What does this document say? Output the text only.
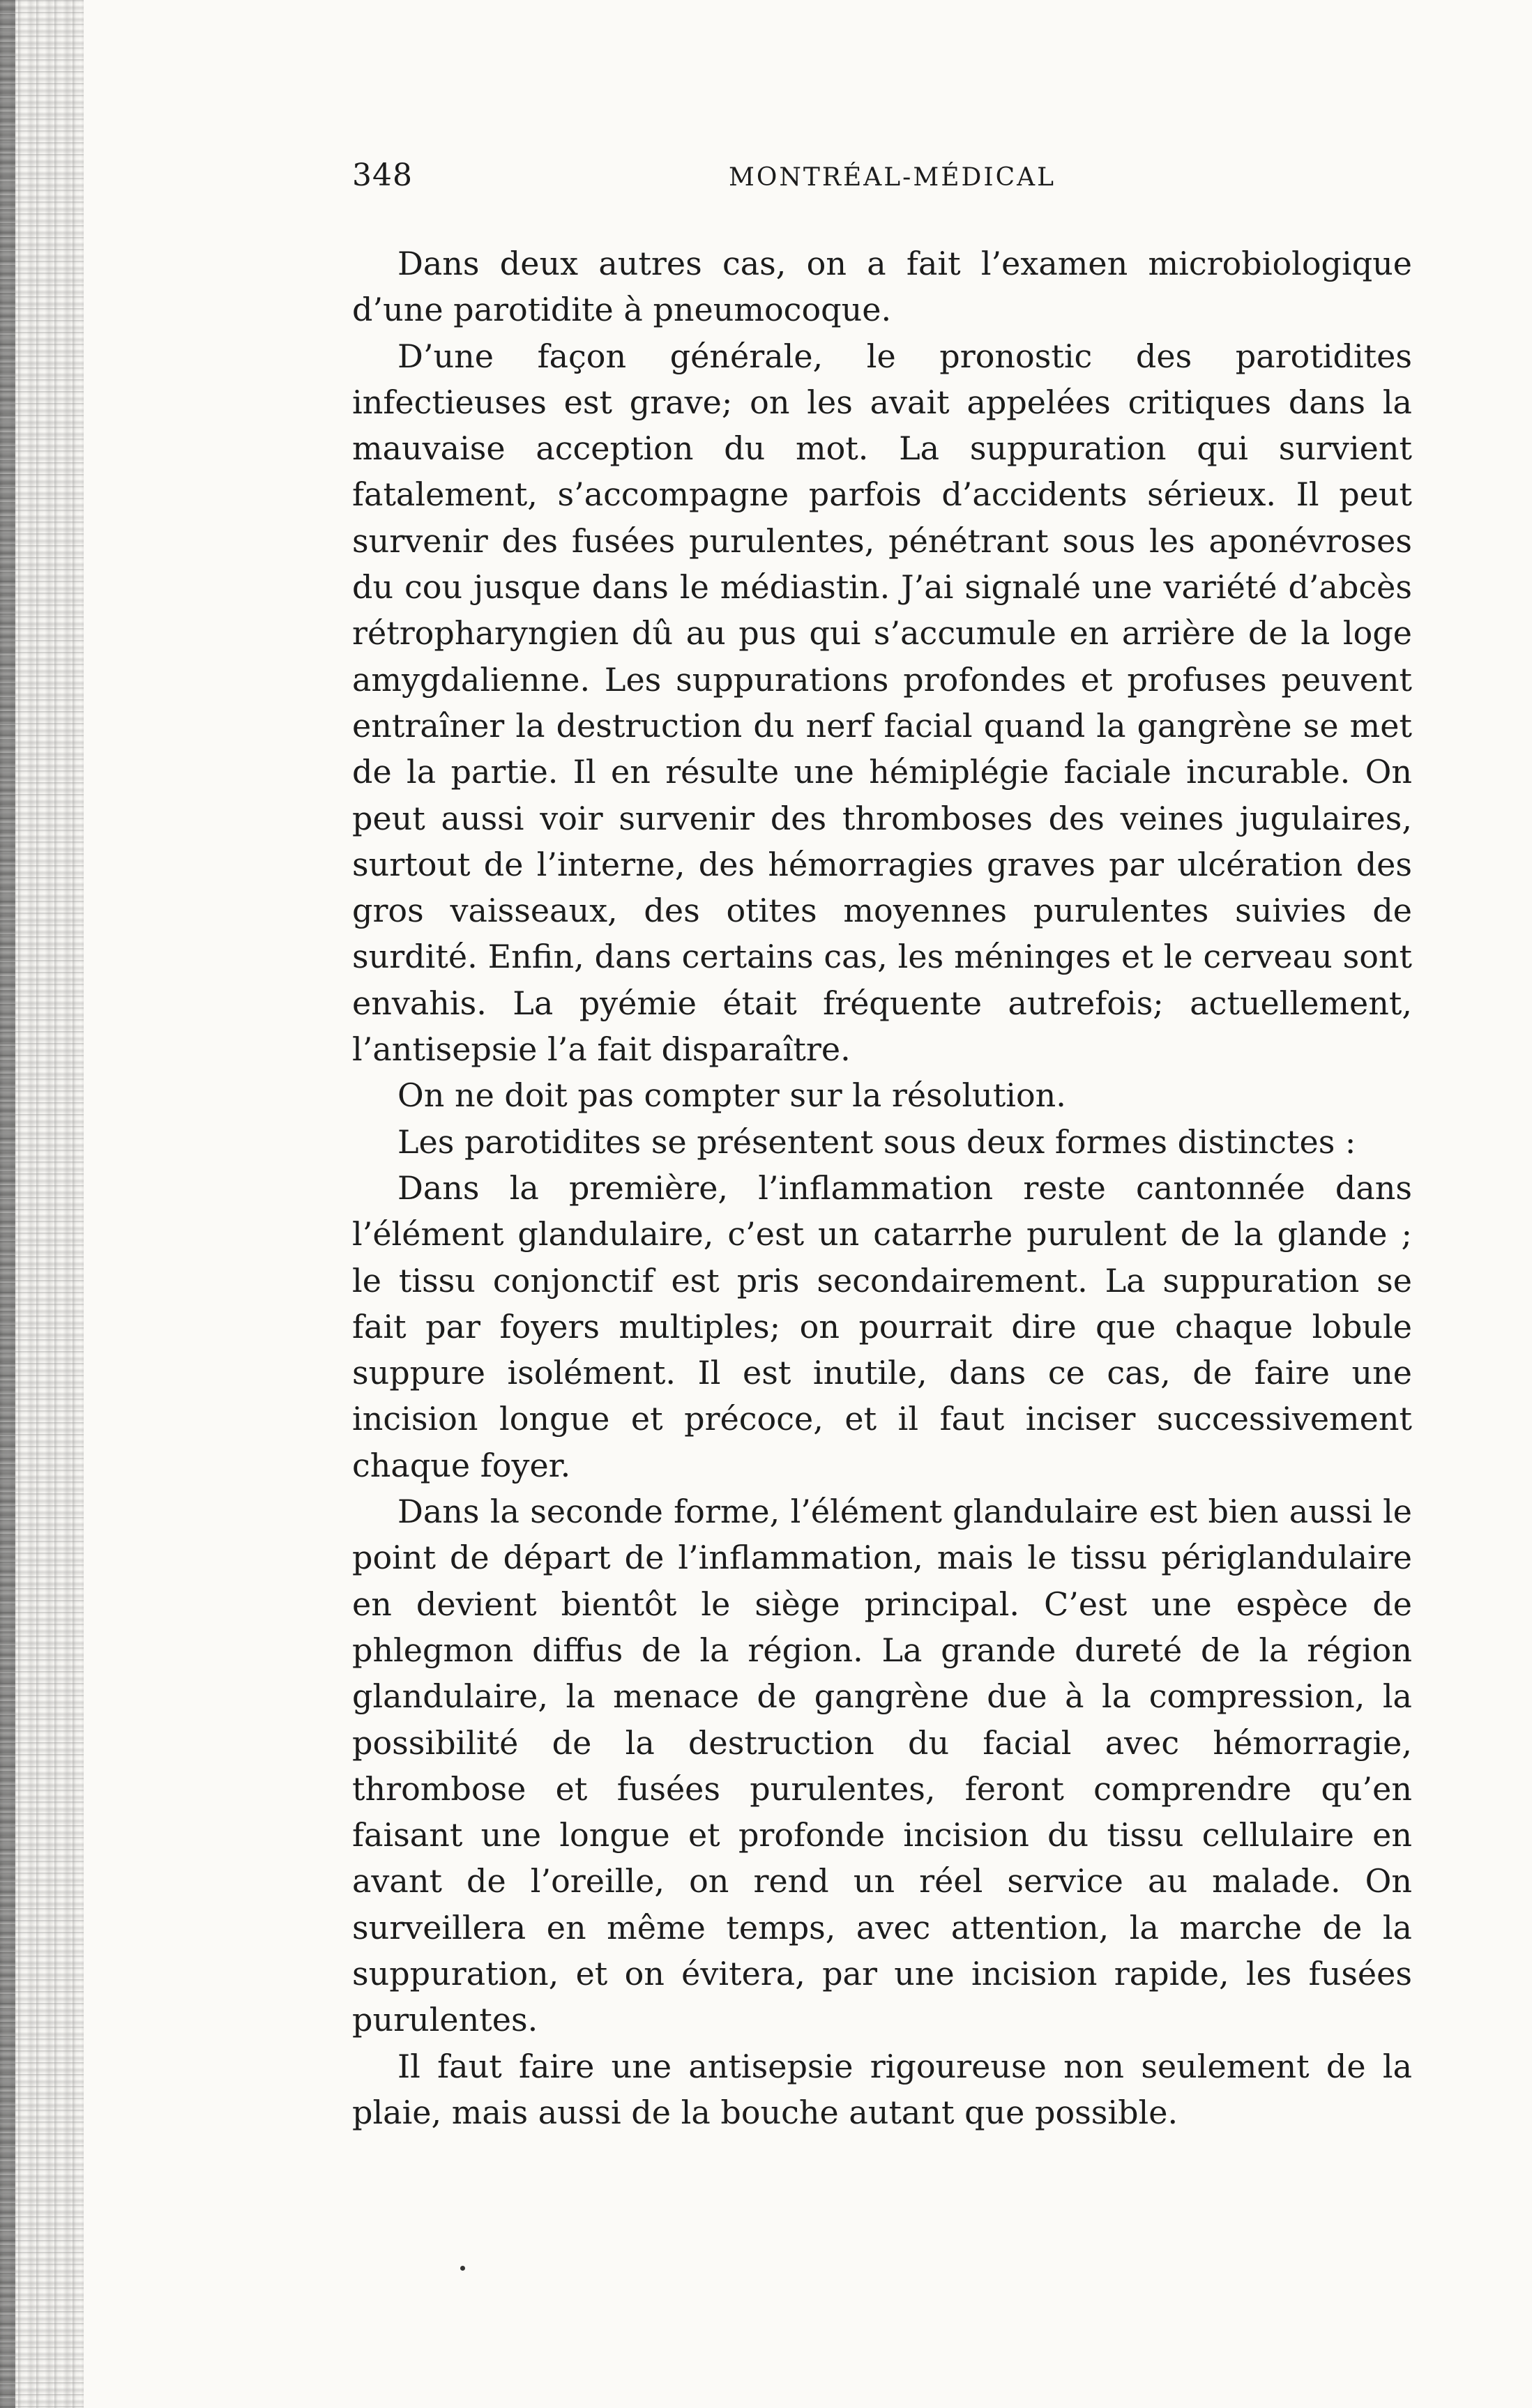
348	MONTRÉAL-MÉDICAL

Dans deux autres cas, on a fait l’examen microbiologique d’une parotidite à pneumocoque.

D’une façon générale, le pronostic des parotidites infectieuses est grave; on les avait appelées critiques dans la mauvaise acception du mot. La suppuration qui survient fatalement, s’accompagne parfois d’accidents sérieux. Il peut survenir des fusées purulentes, pénétrant sous les aponévroses du cou jusque dans le médiastin. J’ai signalé une variété d’abcès rétropharyngien dû au pus qui s’accumule en arrière de la loge amygdalienne. Les suppurations profondes et profuses peuvent entraîner la destruction du nerf facial quand la gangrène se met de la partie. Il en résulte une hémiplégie faciale incurable. On peut aussi voir survenir des thromboses des veines jugulaires, surtout de l’interne, des hémorragies graves par ulcération des gros vaisseaux, des otites moyennes purulentes suivies de surdité. Enfin, dans certains cas, les méninges et le cerveau sont envahis. La pyémie était fréquente autrefois; actuellement, l’antisepsie l’a fait disparaître.

On ne doit pas compter sur la résolution.

Les parotidites se présentent sous deux formes distinctes :

Dans la première, l’inflammation reste cantonnée dans l’élément glandulaire, c’est un catarrhe purulent de la glande ; le tissu conjonctif est pris secondairement. La suppuration se fait par foyers multiples; on pourrait dire que chaque lobule suppure isolément. Il est inutile, dans ce cas, de faire une incision longue et précoce, et il faut inciser successivement chaque foyer.

Dans la seconde forme, l’élément glandulaire est bien aussi le point de départ de l’inflammation, mais le tissu périglandulaire en devient bientôt le siège principal. C’est une espèce de phlegmon diffus de la région. La grande dureté de la région glandulaire, la menace de gangrène due à la compression, la possibilité de la destruction du facial avec hémorragie, thrombose et fusées purulentes, feront comprendre qu’en faisant une longue et profonde incision du tissu cellulaire en avant de l’oreille, on rend un réel service au malade. On surveillera en même temps, avec attention, la marche de la suppuration, et on évitera, par une incision rapide, les fusées purulentes.

Il faut faire une antisepsie rigoureuse non seulement de la plaie, mais aussi de la bouche autant que possible.
